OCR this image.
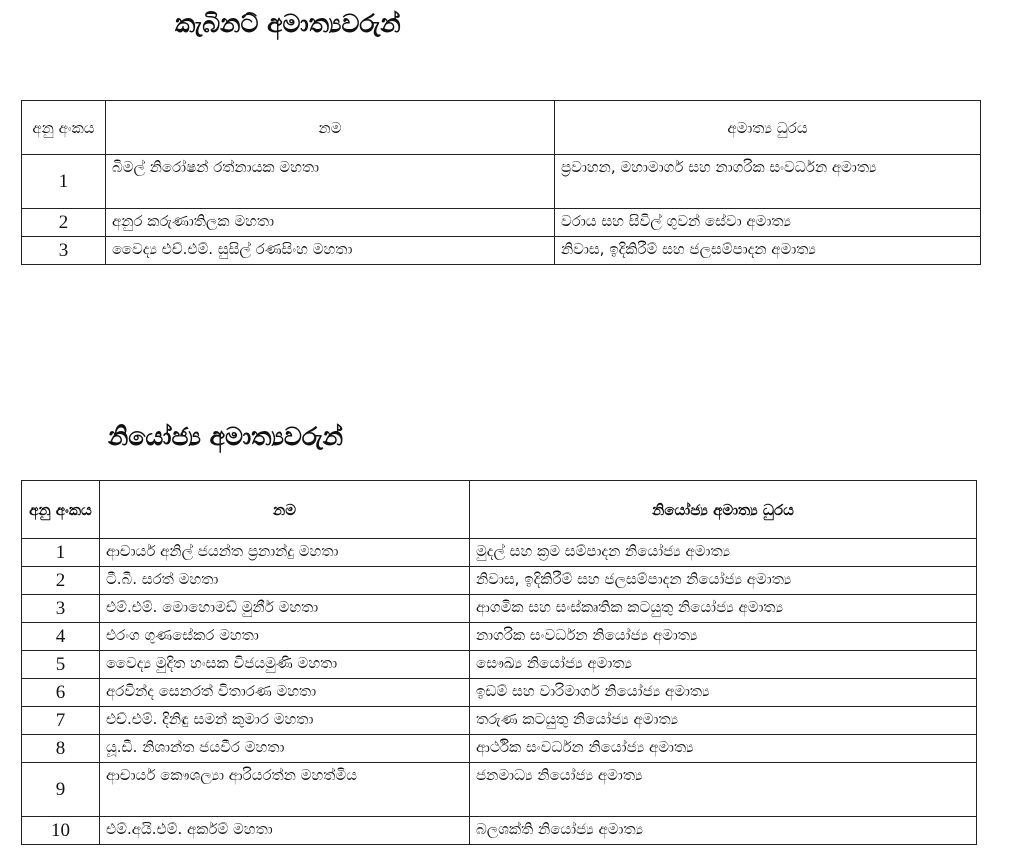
කැබිනට් අමාත්‍යවරුන්
අනු අංකය	නම	අමාත්‍ය ධුරය
1	බිමල් නිරෝෂන් රත්නායක මහතා	ප්‍රවාහන, මහාමාර්ග සහ නාගරික සංවර්ධන අමාත්‍ය
2	අනුර කරුණාතිලක මහතා	වරාය සහ සිවිල් ගුවන් සේවා අමාත්‍ය
3	වෛද්‍ය එච්.එම්. සුසිල් රණසිංහ මහතා	නිවාස, ඉදිකිරීම් සහ ජලසම්පාදන අමාත්‍ය
නියෝජ්‍ය අමාත්‍යවරුන්
අනු අංකය	නම	නියෝජ්‍ය අමාත්‍ය ධුරය
1	ආචාර්ය අනිල් ජයන්ත ප්‍රනාන්දු මහතා	මුදල් සහ ක්‍රම සම්පාදන නියෝජ්‍ය අමාත්‍ය
2	ටී.බී. සරත් මහතා	නිවාස, ඉදිකිරීම් සහ ජලසම්පාදන නියෝජ්‍ය අමාත්‍ය
3	එම්.එම්. මොහොමඩ් මුනීර් මහතා	ආගමික සහ සංස්කෘතික කටයුතු නියෝජ්‍ය අමාත්‍ය
4	එරංග ගුණසේකර මහතා	නාගරික සංවර්ධන නියෝජ්‍ය අමාත්‍ය
5	වෛද්‍ය මුදිත හංසක විජයමුණි මහතා	සෞඛ්‍ය නියෝජ්‍ය අමාත්‍ය
6	අරවින්ද සෙනරත් විතාරණ මහතා	ඉඩම් සහ වාරිමාර්ග නියෝජ්‍ය අමාත්‍ය
7	එච්.එම්. දිනිඳු සමන් කුමාර මහතා	තරුණ කටයුතු නියෝජ්‍ය අමාත්‍ය
8	යූ.ඩී. නිශාන්ත ජයවීර මහතා	ආර්ථික සංවර්ධන නියෝජ්‍ය අමාත්‍ය
9	ආචාර්ය කෞශල්‍යා ආරියරත්න මහත්මිය	ජනමාධ්‍ය නියෝජ්‍ය අමාත්‍ය
10	එම්.අයි.එම්. අර්කම් මහතා	බලශක්ති නියෝජ්‍ය අමාත්‍ය
